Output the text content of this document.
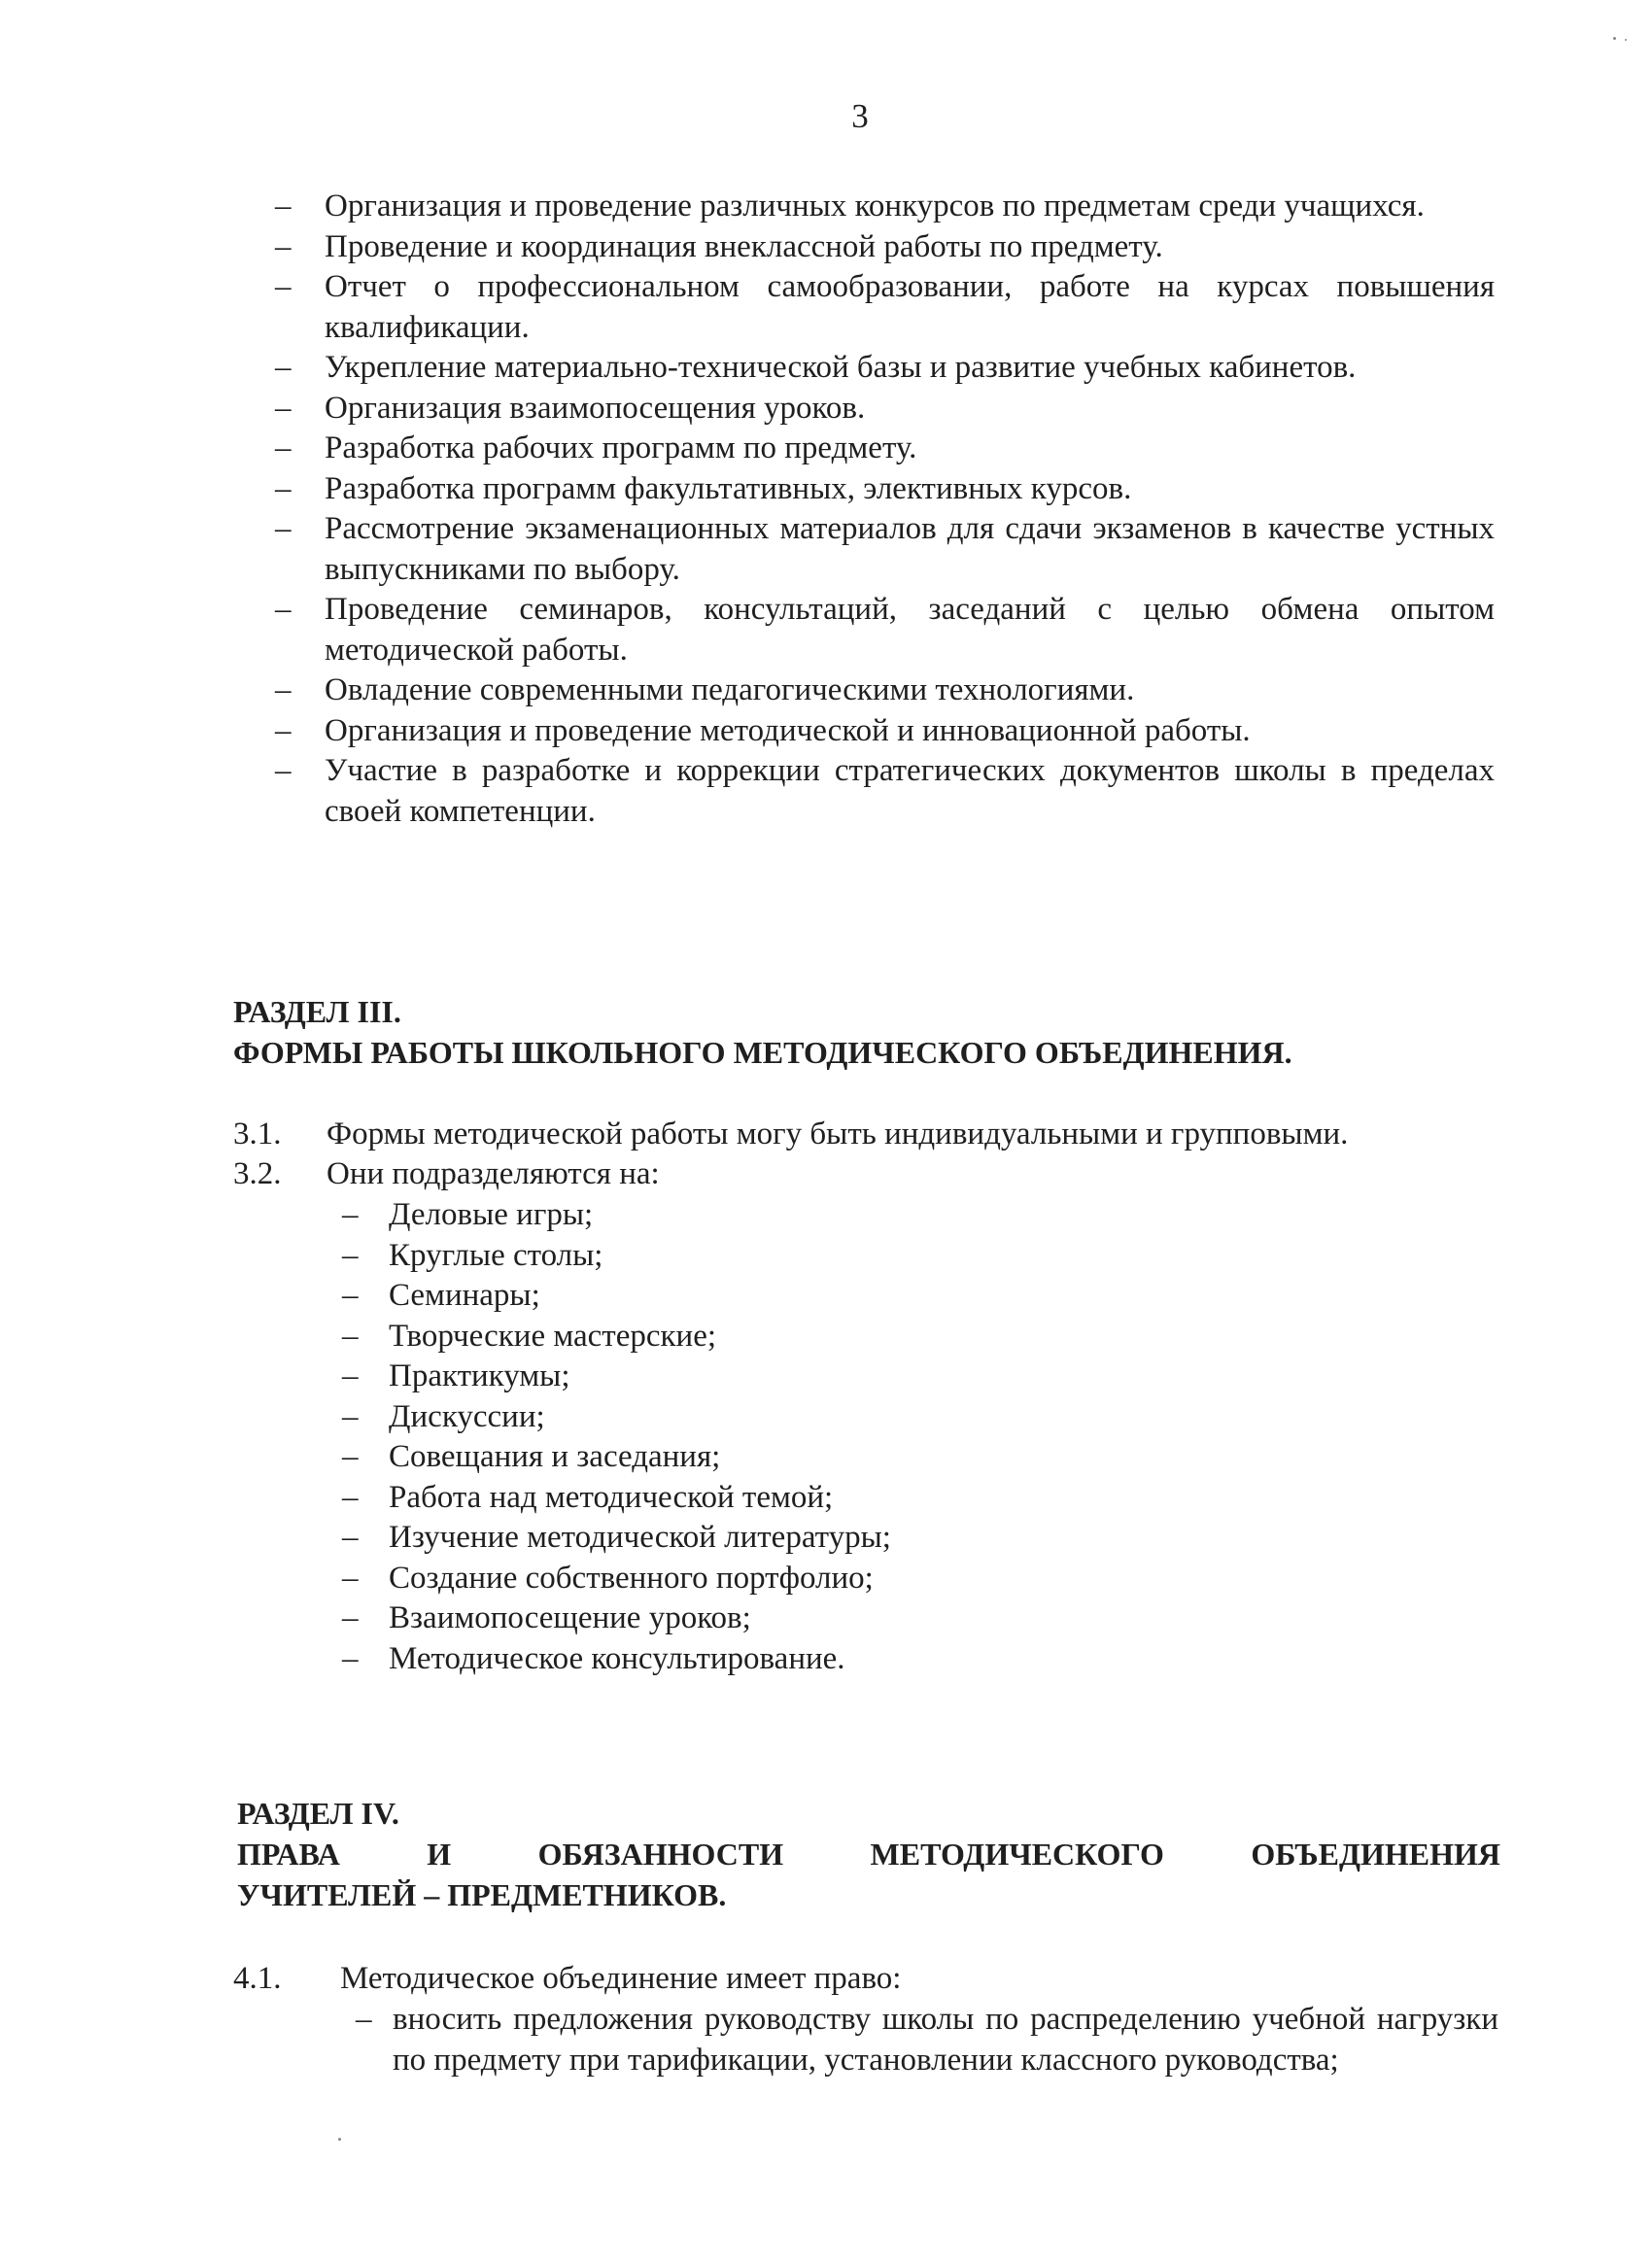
3
–	Организация и проведение различных конкурсов по предметам среди учащихся.
–	Проведение и координация внеклассной работы по предмету.
–	Отчет о профессиональном самообразовании, работе на курсах повышения квалификации.
–	Укрепление материально-технической базы и развитие учебных кабинетов.
–	Организация взаимопосещения уроков.
–	Разработка рабочих программ по предмету.
–	Разработка программ факультативных, элективных курсов.
–	Рассмотрение экзаменационных материалов для сдачи экзаменов в качестве устных выпускниками по выбору.
–	Проведение семинаров, консультаций, заседаний с целью обмена опытом методической работы.
–	Овладение современными педагогическими технологиями.
–	Организация и проведение методической и инновационной работы.
–	Участие в разработке и коррекции стратегических документов школы в пределах своей компетенции.
РАЗДЕЛ III.
ФОРМЫ РАБОТЫ ШКОЛЬНОГО МЕТОДИЧЕСКОГО ОБЪЕДИНЕНИЯ.
3.1. Формы методической работы могу быть индивидуальными и групповыми.
3.2. Они подразделяются на:
– Деловые игры;
– Круглые столы;
– Семинары;
– Творческие мастерские;
– Практикумы;
– Дискуссии;
– Совещания и заседания;
– Работа над методической темой;
– Изучение методической литературы;
– Создание собственного портфолио;
– Взаимопосещение уроков;
– Методическое консультирование.
РАЗДЕЛ IV.
ПРАВА И ОБЯЗАННОСТИ МЕТОДИЧЕСКОГО ОБЪЕДИНЕНИЯ
УЧИТЕЛЕЙ – ПРЕДМЕТНИКОВ.
4.1. Методическое объединение имеет право:
– вносить предложения руководству школы по распределению учебной нагрузки по предмету при тарификации, установлении классного руководства;
